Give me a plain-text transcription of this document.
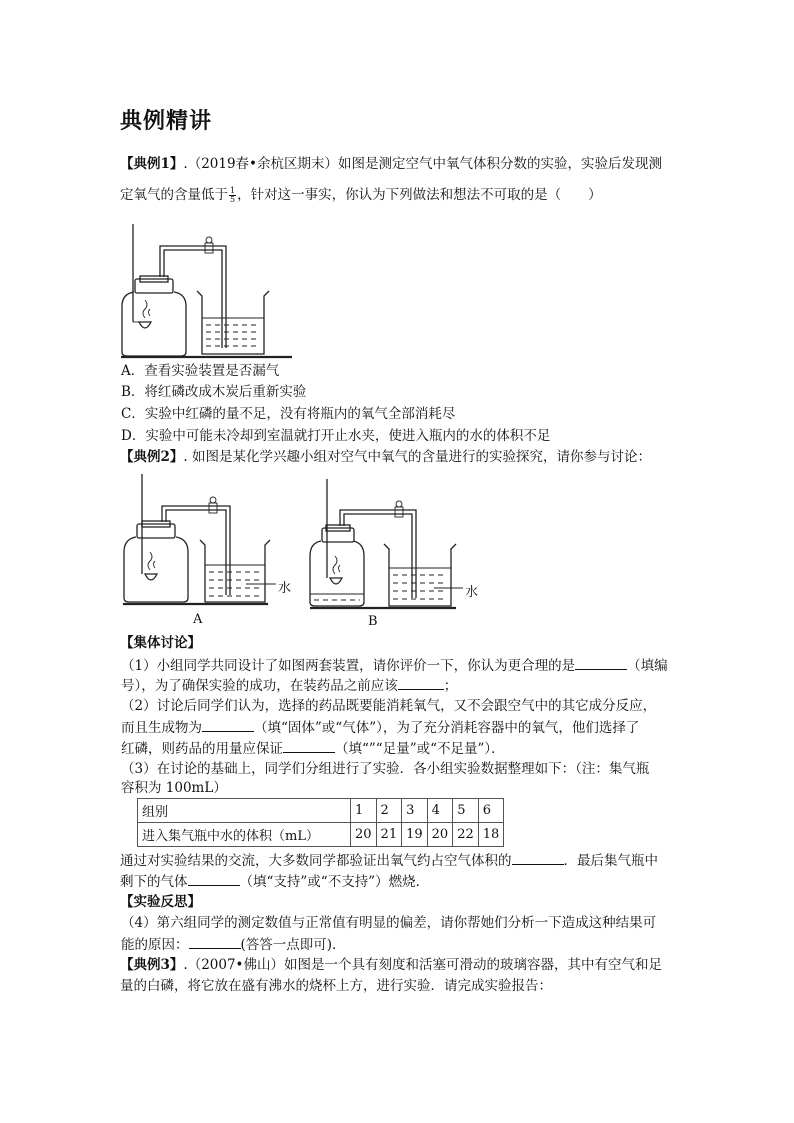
典例精讲
【典例1】.（2019春•余杭区期末）如图是测定空气中氧气体积分数的实验，实验后发现测
定氧气的含量低于 $\frac{1}{5}$ ，针对这一事实，你认为下列做法和想法不可取的是（　　）
A．查看实验装置是否漏气
B．将红磷改成木炭后重新实验
C．实验中红磷的量不足，没有将瓶内的氧气全部消耗尽
D．实验中可能未冷却到室温就打开止水夹，使进入瓶内的水的体积不足
【典例2】. 如图是某化学兴趣小组对空气中氧气的含量进行的实验探究，请你参与讨论：
水	水
A	B
【集体讨论】
（1）小组同学共同设计了如图两套装置，请你评价一下，你认为更合理的是	（填编
号），为了确保实验的成功，在装药品之前应该	；
（2）讨论后同学们认为，选择的药品既要能消耗氧气，又不会跟空气中的其它成分反应，
而且生成物为	（填“固体”或“气体”），为了充分消耗容器中的氧气，他们选择了
红磷，则药品的用量应保证	（填“”“足量”或“不足量”）．
（3）在讨论的基础上，同学们分组进行了实验．各小组实验数据整理如下：（注：集气瓶
容积为 100mL）
组别	1	2	3	4	5	6
进入集气瓶中水的体积（mL）	20	21	19	20	22	18
通过对实验结果的交流，大多数同学都验证出氧气约占空气体积的	．最后集气瓶中
剩下的气体	（填“支持”或“不支持”）燃烧．
【实验反思】
（4）第六组同学的测定数值与正常值有明显的偏差，请你帮她们分析一下造成这种结果可
能的原因：	(答答一点即可)．
【典例3】.（2007•佛山）如图是一个具有刻度和活塞可滑动的玻璃容器，其中有空气和足
量的白磷，将它放在盛有沸水的烧杯上方，进行实验．请完成实验报告：
